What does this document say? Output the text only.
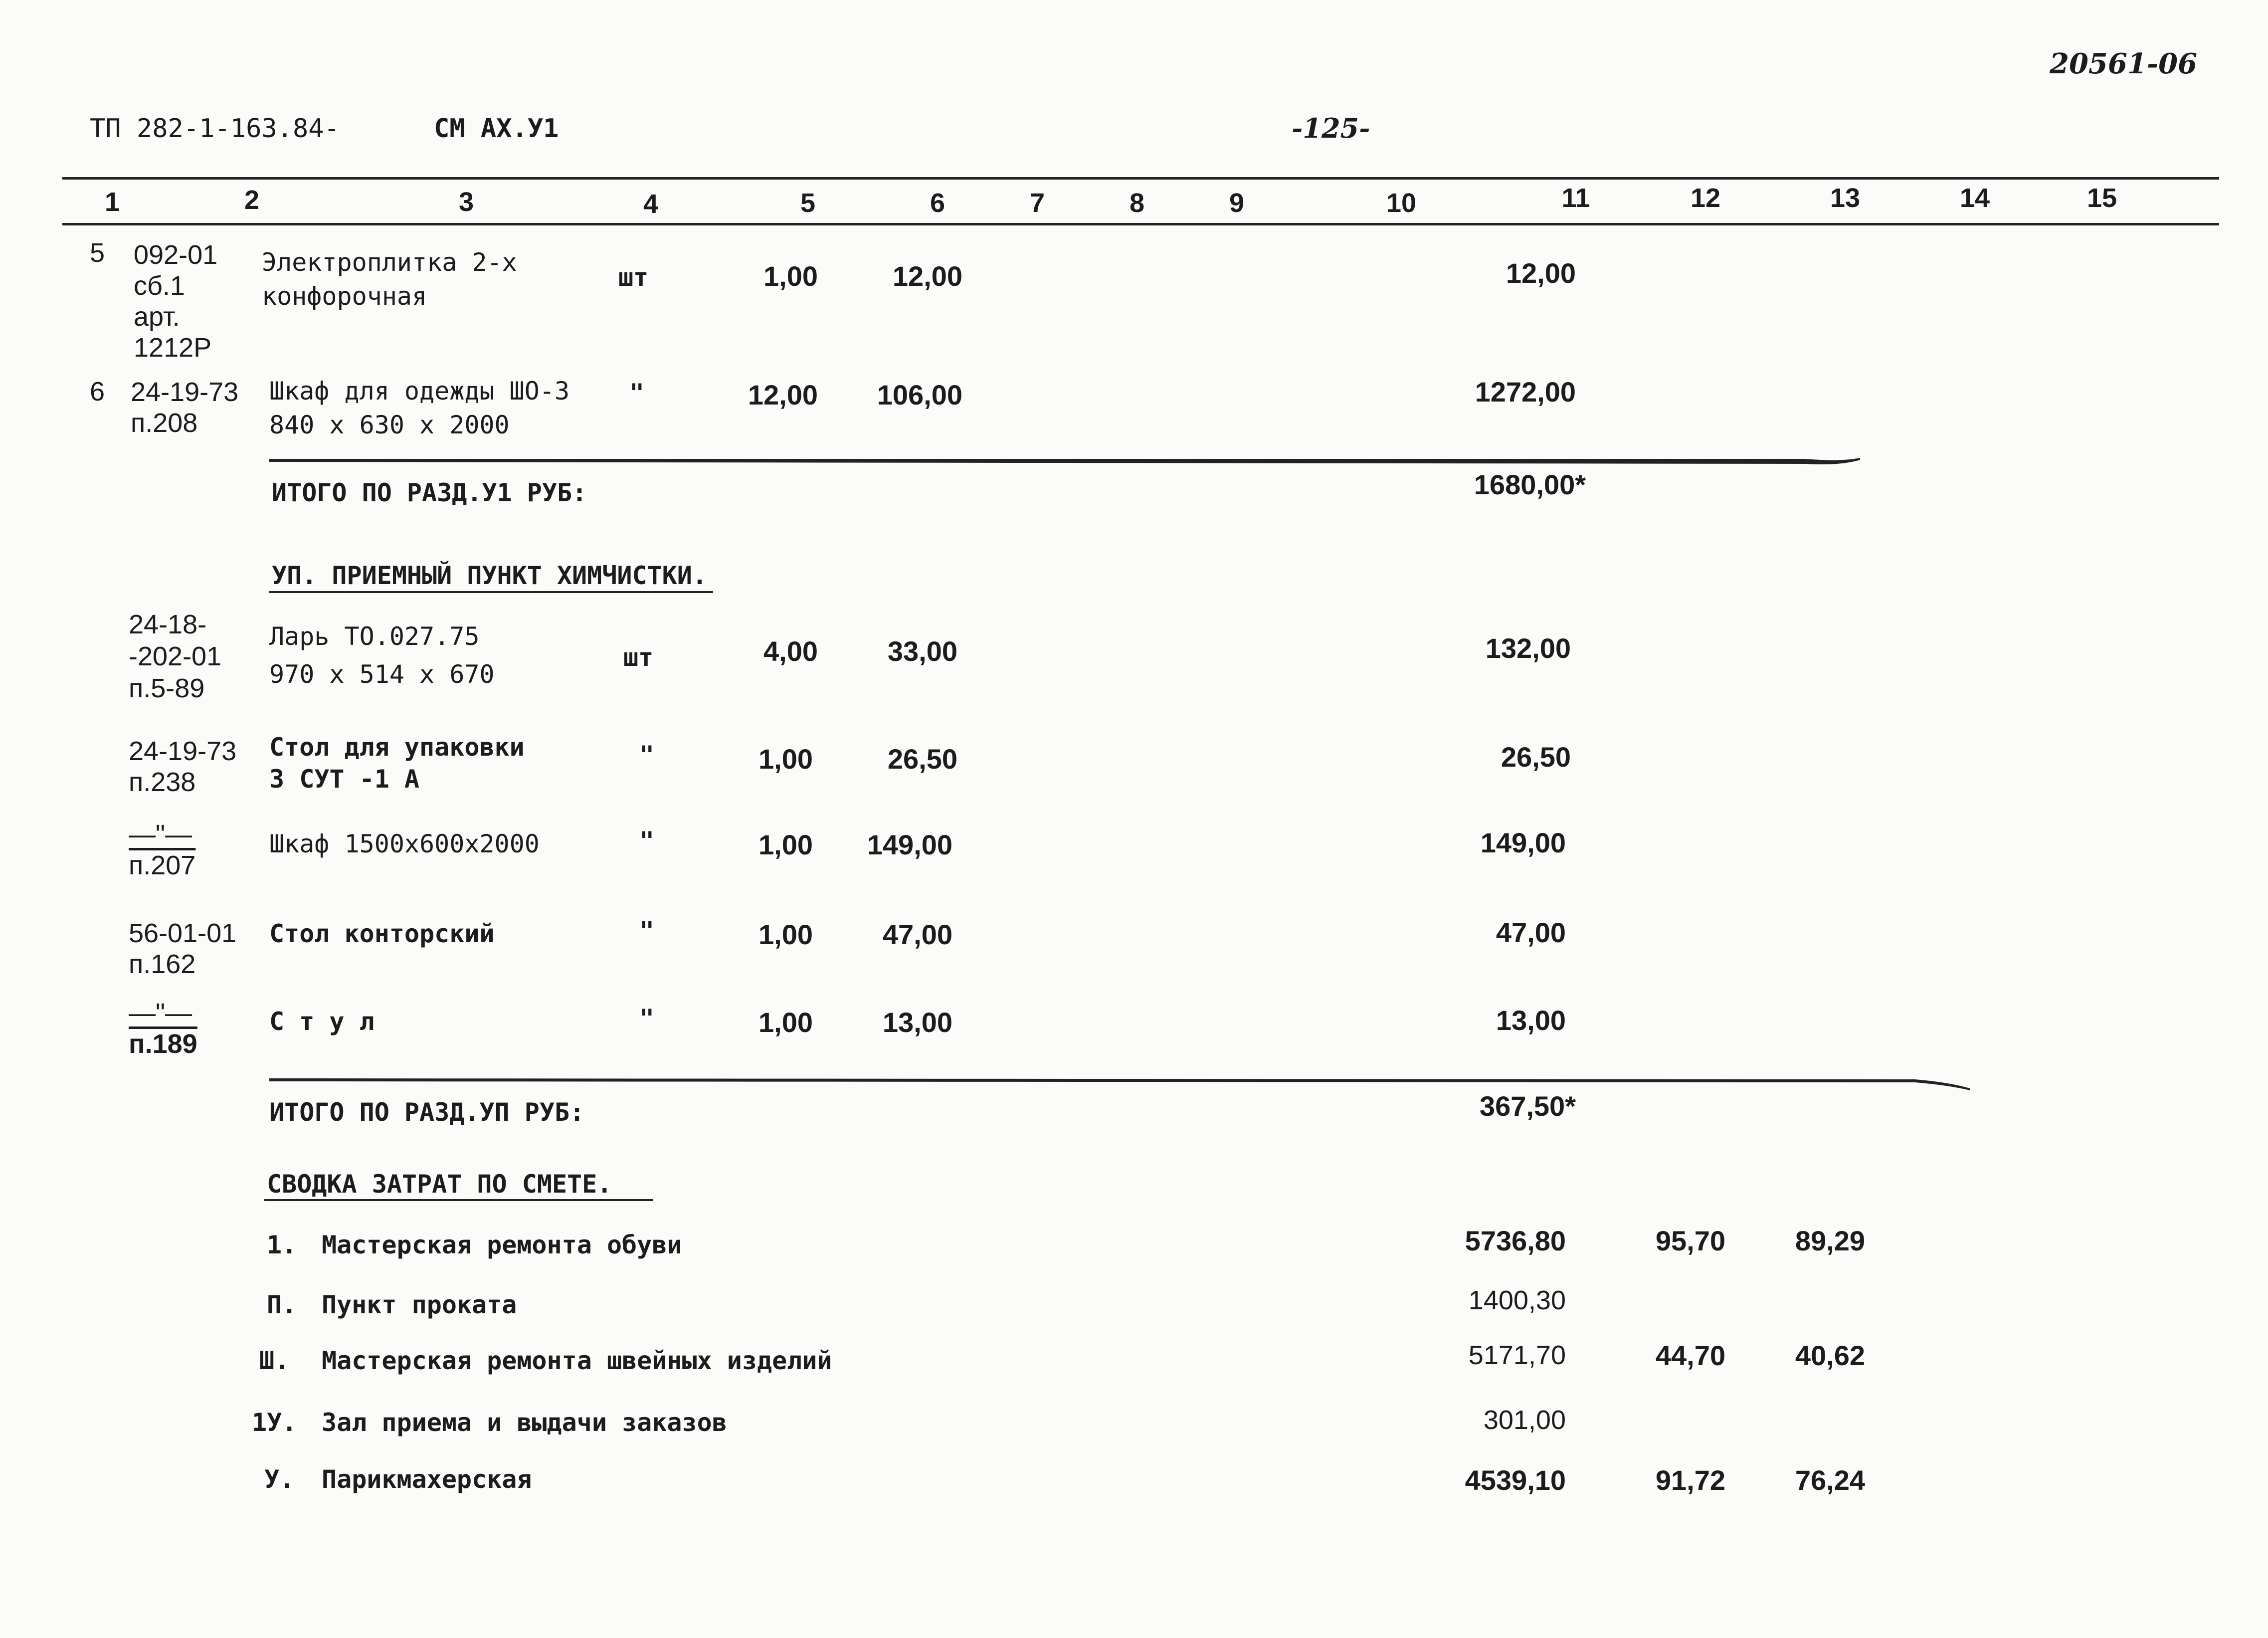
20561-06
ТП 282-1-163.84-	СМ АХ.У1	-125-
1	2	3	4	5	6	7	8	9	10	11	12	13	14	15
5 092-01
сб.1
арт.
1212Р
Электроплитка 2-х
конфорочная
шт	1,00	12,00	12,00
6 24-19-73
п.208
Шкаф для одежды ШО-3
840 х 630 х 2000
"	12,00	106,00	1272,00
ИТОГО ПО РАЗД.У1 РУБ:	1680,00*
УП. ПРИЕМНЫЙ ПУНКТ ХИМЧИСТКИ.
24-18-
-202-01
п.5-89
Ларь ТО.027.75
970 х 514 х 670
шт	4,00	33,00	132,00
24-19-73
п.238
Стол для упаковки
3 СУТ -1 А
"	1,00	26,50	26,50
—"—
п.207
Шкаф 1500х600х2000	"	1,00	149,00	149,00
56-01-01
п.162
Стол конторский	"	1,00	47,00	47,00
—"—
п.189
С т у л	"	1,00	13,00	13,00
ИТОГО ПО РАЗД.УП РУБ:	367,50*
СВОДКА ЗАТРАТ ПО СМЕТЕ.
1. Мастерская ремонта обуви	5736,80	95,70	89,29
П. Пункт проката	1400,30
Ш. Мастерская ремонта швейных изделий	5171,70	44,70	40,62
1У. Зал приема и выдачи заказов	301,00
У. Парикмахерская	4539,10	91,72	76,24
